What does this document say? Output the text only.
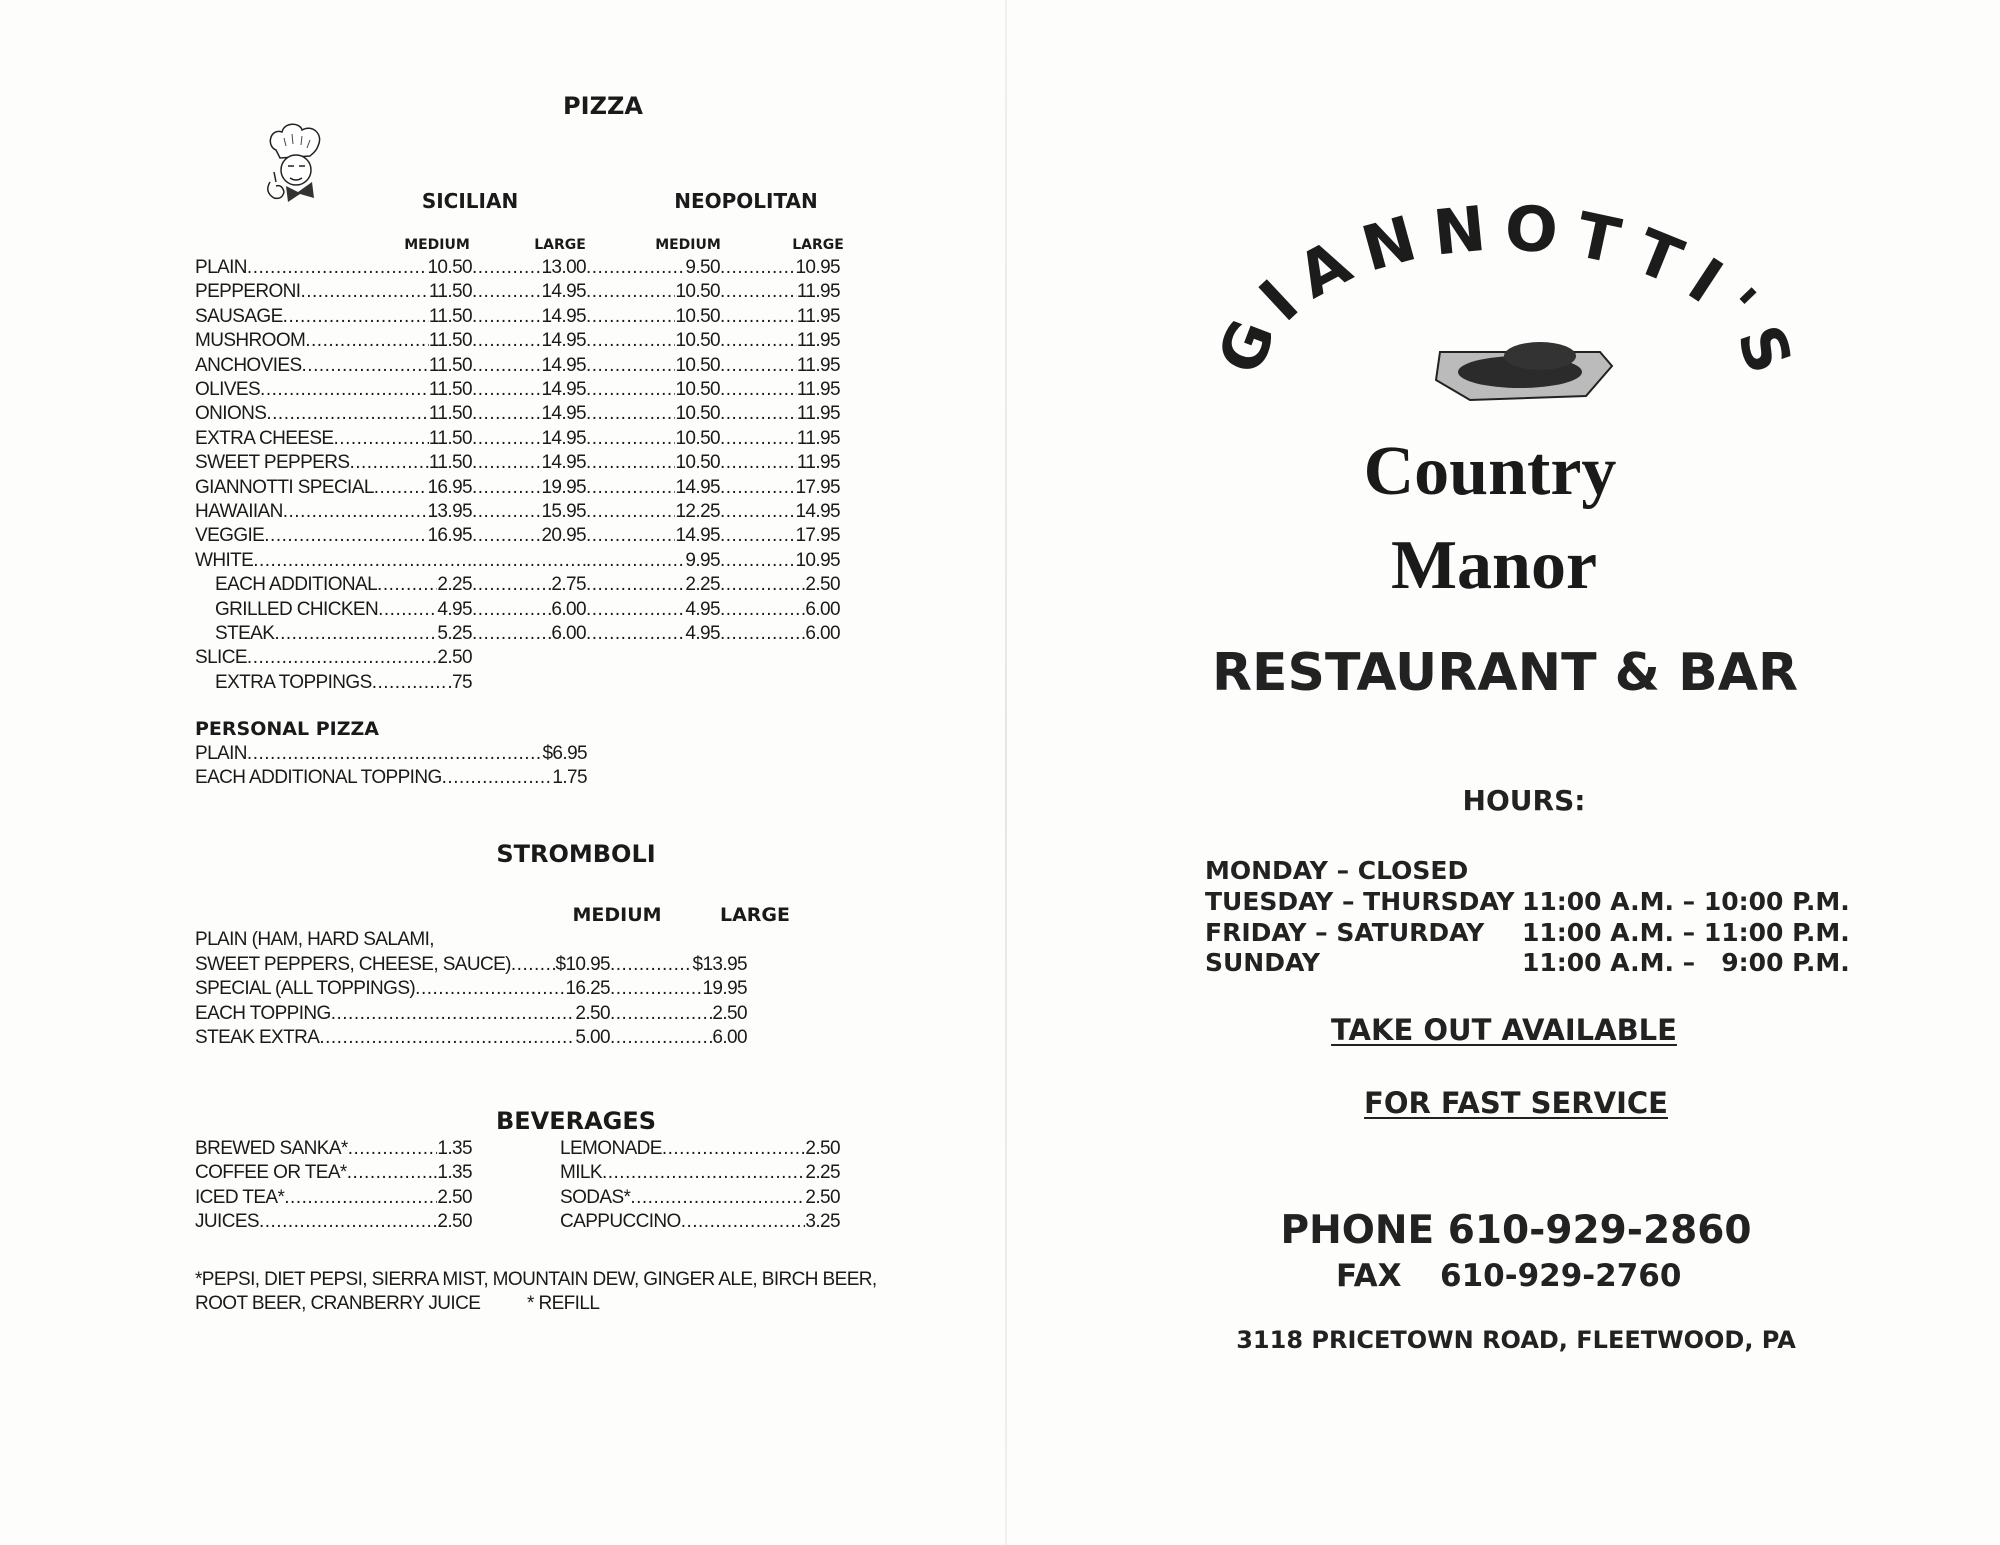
PIZZA
SICILIAN	NEOPOLITAN
MEDIUM	LARGE	MEDIUM	LARGE
PLAIN .....	10.50 .....	13.00 .....	9.50 .....	10.95
PEPPERONI .....	11.50 .....	14.95 .....	10.50 .....	11.95
SAUSAGE .....	11.50 .....	14.95 .....	10.50 .....	11.95
MUSHROOM .....	11.50 .....	14.95 .....	10.50 .....	11.95
ANCHOVIES .....	11.50 .....	14.95 .....	10.50 .....	11.95
OLIVES .....	11.50 .....	14.95 .....	10.50 .....	11.95
ONIONS .....	11.50 .....	14.95 .....	10.50 .....	11.95
EXTRA CHEESE .....	11.50 .....	14.95 .....	10.50 .....	11.95
SWEET PEPPERS .....	11.50 .....	14.95 .....	10.50 .....	11.95
GIANNOTTI SPECIAL .....	16.95 .....	19.95 .....	14.95 .....	17.95
HAWAIIAN .....	13.95 .....	15.95 .....	12.25 .....	14.95
VEGGIE .....	16.95 .....	20.95 .....	14.95 .....	17.95
WHITE ..... ..... .....	9.95 .....	10.95
EACH ADDITIONAL .....	2.25 .....	2.75 .....	2.25 .....	2.50
GRILLED CHICKEN .....	4.95 .....	6.00 .....	4.95 .....	6.00
STEAK .....	5.25 .....	6.00 .....	4.95 .....	6.00
SLICE .....	2.50
EXTRA TOPPINGS .....	.75
PERSONAL PIZZA
PLAIN .....	$6.95
EACH ADDITIONAL TOPPING .....	1.75
STROMBOLI
MEDIUM	LARGE
PLAIN (HAM, HARD SALAMI,
SWEET PEPPERS, CHEESE, SAUCE) ..... $10.95 .....	$13.95
SPECIAL (ALL TOPPINGS) .....	16.25 .....	19.95
EACH TOPPING .....	2.50 .....	2.50
STEAK EXTRA .....	5.00 .....	6.00
BEVERAGES
BREWED SANKA* .....	1.35
COFFEE OR TEA* .....	.1.35
ICED TEA* .....	2.50
JUICES .....	2.50
LEMONADE .....	2.50
MILK .....	2.25
SODAS* .....	2.50
CAPPUCCINO .....	3.25
*PEPSI, DIET PEPSI, SIERRA MIST, MOUNTAIN DEW, GINGER ALE, BIRCH BEER,
ROOT BEER, CRANBERRY JUICE * REFILL
GIANNOTTI'S
Country
Manor
RESTAURANT & BAR
HOURS:
MONDAY – CLOSED
TUESDAY – THURSDAY 11:00 A.M. – 10:00 P.M.
FRIDAY – SATURDAY 11:00 A.M. – 11:00 P.M.
SUNDAY	11:00 A.M. –   9:00 P.M.
TAKE OUT AVAILABLE
FOR FAST SERVICE
PHONE 610-929-2860
FAX 610-929-2760
3118 PRICETOWN ROAD, FLEETWOOD, PA
